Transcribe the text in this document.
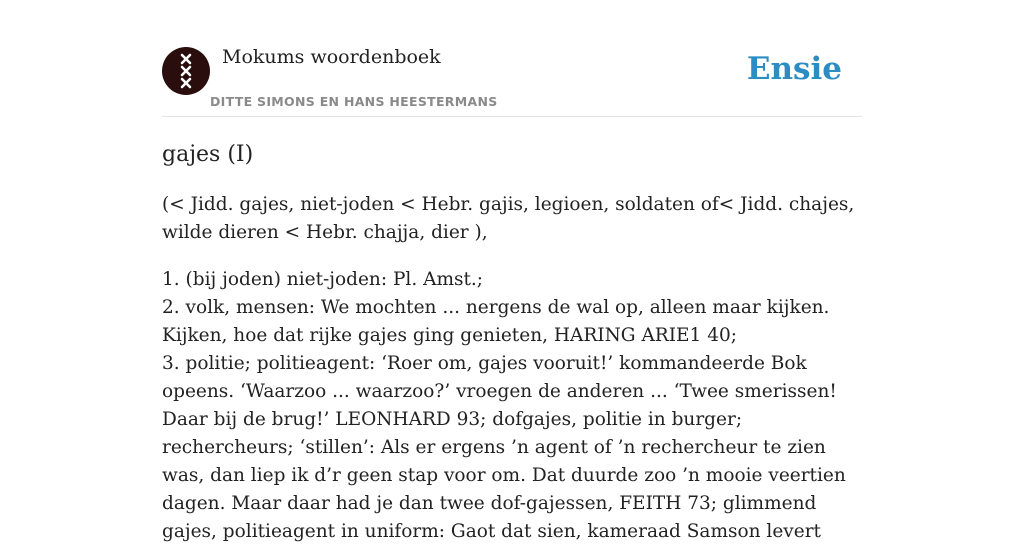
Mokums woordenboek
DITTE SIMONS EN HANS HEESTERMANS
Ensie
gajes (I)

(< Jidd. gajes, niet-joden < Hebr. gajis, legioen, soldaten of< Jidd. chajes, wilde dieren < Hebr. chajja, dier ),

1. (bij joden) niet-joden: Pl. Amst.;
2. volk, mensen: We mochten ... nergens de wal op, alleen maar kijken. Kijken, hoe dat rijke gajes ging genieten, HARING ARIE1 40;
3. politie; politieagent: ‘Roer om, gajes vooruit!’ kommandeerde Bok opeens. ‘Waarzoo ... waarzoo?’ vroegen de anderen ... ‘Twee smerissen! Daar bij de brug!’ LEONHARD 93; dofgajes, politie in burger; rechercheurs; ‘stillen’: Als er ergens ’n agent of ’n rechercheur te zien was, dan liep ik d’r geen stap voor om. Dat duurde zoo ’n mooie veertien dagen. Maar daar had je dan twee dof-gajessen, FEITH 73; glimmend gajes, politieagent in uniform: Gaot dat sien, kameraad Samson levert
